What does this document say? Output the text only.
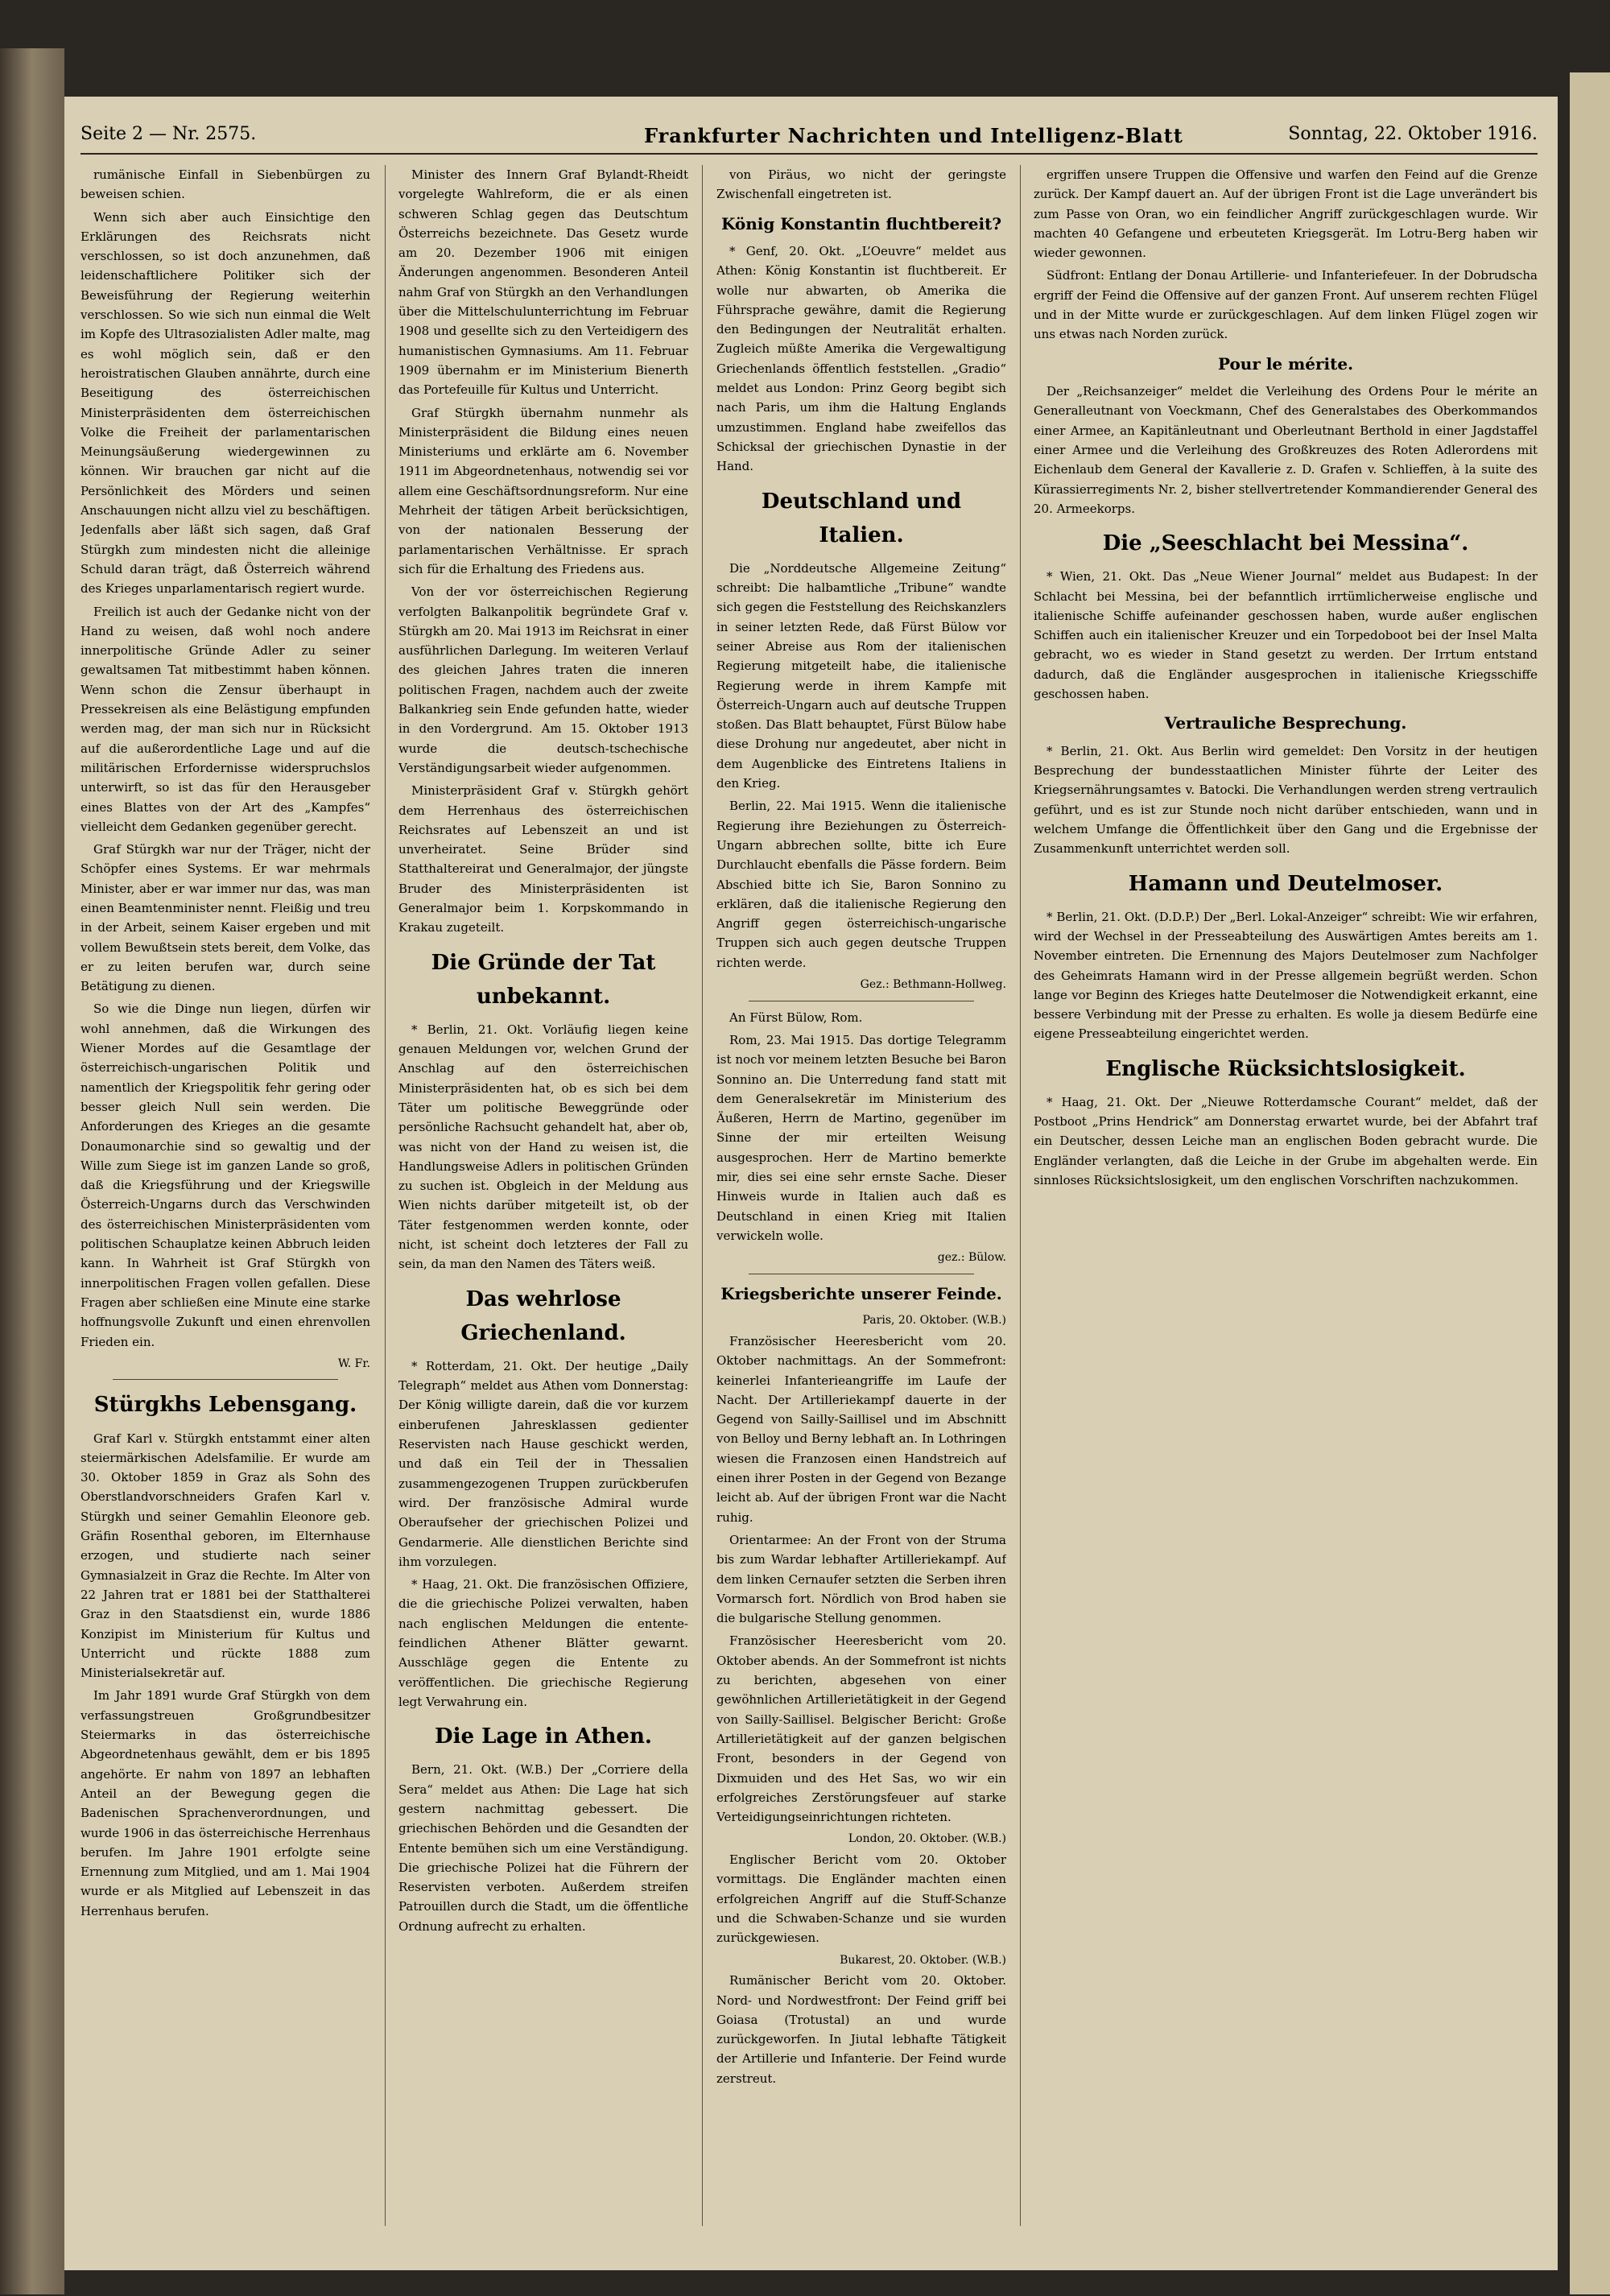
Seite 2 — Nr. 2575.	Frankfurter Nachrichten und Intelligenz-Blatt	Sonntag, 22. Oktober 1916.

rumänische Einfall in Siebenbürgen zu beweisen schien.

Wenn sich aber auch Einsichtige den Erklärungen des Reichsrats nicht verschlossen, so ist doch anzunehmen, daß leidenschaftlichere Politiker sich der Beweisführung der Regierung weiterhin verschlossen. So wie sich nun einmal die Welt im Kopfe des Ultrasozialisten Adler malte, mag es wohl möglich sein, daß er den heroistratischen Glauben annährte, durch eine Beseitigung des österreichischen Ministerpräsidenten dem österreichischen Volke die Freiheit der parlamentarischen Meinungsäußerung wiedergewinnen zu können. Wir brauchen gar nicht auf die Persönlichkeit des Mörders und seinen Anschauungen nicht allzu viel zu beschäftigen. Jedenfalls aber läßt sich sagen, daß Graf Stürgkh zum mindesten nicht die alleinige Schuld daran trägt, daß Österreich während des Krieges unparlamentarisch regiert wurde.

Freilich ist auch der Gedanke nicht von der Hand zu weisen, daß wohl noch andere innerpolitische Gründe Adler zu seiner gewaltsamen Tat mitbestimmt haben können. Wenn schon die Zensur überhaupt in Pressekreisen als eine Belästigung empfunden werden mag, der man sich nur in Rücksicht auf die außerordentliche Lage und auf die militärischen Erfordernisse widerspruchslos unterwirft, so ist das für den Herausgeber eines Blattes von der Art des „Kampfes“ vielleicht dem Gedanken gegenüber gerecht.

Graf Stürgkh war nur der Träger, nicht der Schöpfer eines Systems. Er war mehrmals Minister, aber er war immer nur das, was man einen Beamtenminister nennt. Fleißig und treu in der Arbeit, seinem Kaiser ergeben und mit vollem Bewußtsein stets bereit, dem Volke, das er zu leiten berufen war, durch seine Betätigung zu dienen.

So wie die Dinge nun liegen, dürfen wir wohl annehmen, daß die Wirkungen des Wiener Mordes auf die Gesamtlage der österreichisch-ungarischen Politik und namentlich der Kriegspolitik fehr gering oder besser gleich Null sein werden. Die Anforderungen des Krieges an die gesamte Donaumonarchie sind so gewaltig und der Wille zum Siege ist im ganzen Lande so groß, daß die Kriegsführung und der Kriegswille Österreich-Ungarns durch das Verschwinden des österreichischen Ministerpräsidenten vom politischen Schauplatze keinen Abbruch leiden kann. In Wahrheit ist Graf Stürgkh von innerpolitischen Fragen vollen gefallen. Diese Fragen aber schließen eine Minute eine starke hoffnungsvolle Zukunft und einen ehrenvollen Frieden ein.

W. Fr.
Stürgkhs Lebensgang.

Graf Karl v. Stürgkh entstammt einer alten steiermärkischen Adelsfamilie. Er wurde am 30. Oktober 1859 in Graz als Sohn des Oberstlandvorschneiders Grafen Karl v. Stürgkh und seiner Gemahlin Eleonore geb. Gräfin Rosenthal geboren, im Elternhause erzogen, und studierte nach seiner Gymnasialzeit in Graz die Rechte. Im Alter von 22 Jahren trat er 1881 bei der Statthalterei Graz in den Staatsdienst ein, wurde 1886 Konzipist im Ministerium für Kultus und Unterricht und rückte 1888 zum Ministerialsekretär auf.

Im Jahr 1891 wurde Graf Stürgkh von dem verfassungstreuen Großgrundbesitzer Steiermarks in das österreichische Abgeordnetenhaus gewählt, dem er bis 1895 angehörte. Er nahm von 1897 an lebhaften Anteil an der Bewegung gegen die Badenischen Sprachenverordnungen, und wurde 1906 in das österreichische Herrenhaus berufen. Im Jahre 1901 erfolgte seine Ernennung zum Mitglied, und am 1. Mai 1904 wurde er als Mitglied auf Lebenszeit in das Herrenhaus berufen.

Minister des Innern Graf Bylandt-Rheidt vorgelegte Wahlreform, die er als einen schweren Schlag gegen das Deutschtum Österreichs bezeichnete. Das Gesetz wurde am 20. Dezember 1906 mit einigen Änderungen angenommen. Besonderen Anteil nahm Graf von Stürgkh an den Verhandlungen über die Mittelschulunterrichtung im Februar 1908 und gesellte sich zu den Verteidigern des humanistischen Gymnasiums. Am 11. Februar 1909 übernahm er im Ministerium Bienerth das Portefeuille für Kultus und Unterricht.

Graf Stürgkh übernahm nunmehr als Ministerpräsident die Bildung eines neuen Ministeriums und erklärte am 6. November 1911 im Abgeordnetenhaus, notwendig sei vor allem eine Geschäftsordnungsreform. Nur eine Mehrheit der tätigen Arbeit berücksichtigen, von der nationalen Besserung der parlamentarischen Verhältnisse. Er sprach sich für die Erhaltung des Friedens aus.

Von der vor österreichischen Regierung verfolgten Balkanpolitik begründete Graf v. Stürgkh am 20. Mai 1913 im Reichsrat in einer ausführlichen Darlegung. Im weiteren Verlauf des gleichen Jahres traten die inneren politischen Fragen, nachdem auch der zweite Balkankrieg sein Ende gefunden hatte, wieder in den Vordergrund. Am 15. Oktober 1913 wurde die deutsch-tschechische Verständigungsarbeit wieder aufgenommen.

Ministerpräsident Graf v. Stürgkh gehört dem Herrenhaus des österreichischen Reichsrates auf Lebenszeit an und ist unverheiratet. Seine Brüder sind Statthaltereirat und Generalmajor, der jüngste Bruder des Ministerpräsidenten ist Generalmajor beim 1. Korpskommando in Krakau zugeteilt.

Die Gründe der Tat unbekannt.

* Berlin, 21. Okt. Vorläufig liegen keine genauen Meldungen vor, welchen Grund der Anschlag auf den österreichischen Ministerpräsidenten hat, ob es sich bei dem Täter um politische Beweggründe oder persönliche Rachsucht gehandelt hat, aber ob, was nicht von der Hand zu weisen ist, die Handlungsweise Adlers in politischen Gründen zu suchen ist. Obgleich in der Meldung aus Wien nichts darüber mitgeteilt ist, ob der Täter festgenommen werden konnte, oder nicht, ist scheint doch letzteres der Fall zu sein, da man den Namen des Täters weiß.

Das wehrlose Griechenland.

* Rotterdam, 21. Okt. Der heutige „Daily Telegraph“ meldet aus Athen vom Donnerstag: Der König willigte darein, daß die vor kurzem einberufenen Jahresklassen gedienter Reservisten nach Hause geschickt werden, und daß ein Teil der in Thessalien zusammengezogenen Truppen zurückberufen wird. Der französische Admiral wurde Oberaufseher der griechischen Polizei und Gendarmerie. Alle dienstlichen Berichte sind ihm vorzulegen.

* Haag, 21. Okt. Die französischen Offiziere, die die griechische Polizei verwalten, haben nach englischen Meldungen die entente-feindlichen Athener Blätter gewarnt. Ausschläge gegen die Entente zu veröffentlichen. Die griechische Regierung legt Verwahrung ein.

Die Lage in Athen.

Bern, 21. Okt. (W.B.) Der „Corriere della Sera“ meldet aus Athen: Die Lage hat sich gestern nachmittag gebessert. Die griechischen Behörden und die Gesandten der Entente bemühen sich um eine Verständigung. Die griechische Polizei hat die Führern der Reservisten verboten. Außerdem streifen Patrouillen durch die Stadt, um die öffentliche Ordnung aufrecht zu erhalten.

von Piräus, wo nicht der geringste Zwischenfall eingetreten ist.

König Konstantin fluchtbereit?

* Genf, 20. Okt. „L’Oeuvre“ meldet aus Athen: König Konstantin ist fluchtbereit. Er wolle nur abwarten, ob Amerika die Führsprache gewähre, damit die Regierung den Bedingungen der Neutralität erhalten. Zugleich müßte Amerika die Vergewaltigung Griechenlands öffentlich feststellen. „Gradio“ meldet aus London: Prinz Georg begibt sich nach Paris, um ihm die Haltung Englands umzustimmen. England habe zweifellos das Schicksal der griechischen Dynastie in der Hand.

Deutschland und Italien.

Die „Norddeutsche Allgemeine Zeitung“ schreibt: Die halbamtliche „Tribune“ wandte sich gegen die Feststellung des Reichskanzlers in seiner letzten Rede, daß Fürst Bülow vor seiner Abreise aus Rom der italienischen Regierung mitgeteilt habe, die italienische Regierung werde in ihrem Kampfe mit Österreich-Ungarn auch auf deutsche Truppen stoßen. Das Blatt behauptet, Fürst Bülow habe diese Drohung nur angedeutet, aber nicht in dem Augenblicke des Eintretens Italiens in den Krieg.

Berlin, 22. Mai 1915. Wenn die italienische Regierung ihre Beziehungen zu Österreich-Ungarn abbrechen sollte, bitte ich Eure Durchlaucht ebenfalls die Pässe fordern. Beim Abschied bitte ich Sie, Baron Sonnino zu erklären, daß die italienische Regierung den Angriff gegen österreichisch-ungarische Truppen sich auch gegen deutsche Truppen richten werde.

Gez.: Bethmann-Hollweg.

An Fürst Bülow, Rom.

Rom, 23. Mai 1915. Das dortige Telegramm ist noch vor meinem letzten Besuche bei Baron Sonnino an. Die Unterredung fand statt mit dem Generalsekretär im Ministerium des Äußeren, Herrn de Martino, gegenüber im Sinne der mir erteilten Weisung ausgesprochen. Herr de Martino bemerkte mir, dies sei eine sehr ernste Sache. Dieser Hinweis wurde in Italien auch daß es Deutschland in einen Krieg mit Italien verwickeln wolle.

gez.: Bülow.
Kriegsberichte unserer Feinde.
Paris, 20. Oktober. (W.B.)

Französischer Heeresbericht vom 20. Oktober nachmittags. An der Sommefront: keinerlei Infanterieangriffe im Laufe der Nacht. Der Artilleriekampf dauerte in der Gegend von Sailly-Saillisel und im Abschnitt von Belloy und Berny lebhaft an. In Lothringen wiesen die Franzosen einen Handstreich auf einen ihrer Posten in der Gegend von Bezange leicht ab. Auf der übrigen Front war die Nacht ruhig.

Orientarmee: An der Front von der Struma bis zum Wardar lebhafter Artilleriekampf. Auf dem linken Cernaufer setzten die Serben ihren Vormarsch fort. Nördlich von Brod haben sie die bulgarische Stellung genommen.

Französischer Heeresbericht vom 20. Oktober abends. An der Sommefront ist nichts zu berichten, abgesehen von einer gewöhnlichen Artillerietätigkeit in der Gegend von Sailly-Saillisel. Belgischer Bericht: Große Artillerietätigkeit auf der ganzen belgischen Front, besonders in der Gegend von Dixmuiden und des Het Sas, wo wir ein erfolgreiches Zerstörungsfeuer auf starke Verteidigungseinrichtungen richteten.

London, 20. Oktober. (W.B.)

Englischer Bericht vom 20. Oktober vormittags. Die Engländer machten einen erfolgreichen Angriff auf die Stuff-Schanze und die Schwaben-Schanze und sie wurden zurückgewiesen.

Bukarest, 20. Oktober. (W.B.)

Rumänischer Bericht vom 20. Oktober. Nord- und Nordwestfront: Der Feind griff bei Goiasa (Trotustal) an und wurde zurückgeworfen. In Jiutal lebhafte Tätigkeit der Artillerie und Infanterie. Der Feind wurde zerstreut.

ergriffen unsere Truppen die Offensive und warfen den Feind auf die Grenze zurück. Der Kampf dauert an. Auf der übrigen Front ist die Lage unverändert bis zum Passe von Oran, wo ein feindlicher Angriff zurückgeschlagen wurde. Wir machten 40 Gefangene und erbeuteten Kriegsgerät. Im Lotru-Berg haben wir wieder gewonnen.

Südfront: Entlang der Donau Artillerie- und Infanteriefeuer. In der Dobrudscha ergriff der Feind die Offensive auf der ganzen Front. Auf unserem rechten Flügel und in der Mitte wurde er zurückgeschlagen. Auf dem linken Flügel zogen wir uns etwas nach Norden zurück.

Pour le mérite.

Der „Reichsanzeiger“ meldet die Verleihung des Ordens Pour le mérite an Generalleutnant von Voeckmann, Chef des Generalstabes des Oberkommandos einer Armee, an Kapitänleutnant und Oberleutnant Berthold in einer Jagdstaffel einer Armee und die Verleihung des Großkreuzes des Roten Adlerordens mit Eichenlaub dem General der Kavallerie z. D. Grafen v. Schlieffen, à la suite des Kürassierregiments Nr. 2, bisher stellvertretender Kommandierender General des 20. Armeekorps.

Die „Seeschlacht bei Messina“.

* Wien, 21. Okt. Das „Neue Wiener Journal“ meldet aus Budapest: In der Schlacht bei Messina, bei der befanntlich irrtümlicherweise englische und italienische Schiffe aufeinander geschossen haben, wurde außer englischen Schiffen auch ein italienischer Kreuzer und ein Torpedoboot bei der Insel Malta gebracht, wo es wieder in Stand gesetzt zu werden. Der Irrtum entstand dadurch, daß die Engländer ausgesprochen in italienische Kriegsschiffe geschossen haben.

Vertrauliche Besprechung.

* Berlin, 21. Okt. Aus Berlin wird gemeldet: Den Vorsitz in der heutigen Besprechung der bundesstaatlichen Minister führte der Leiter des Kriegsernährungsamtes v. Batocki. Die Verhandlungen werden streng vertraulich geführt, und es ist zur Stunde noch nicht darüber entschieden, wann und in welchem Umfange die Öffentlichkeit über den Gang und die Ergebnisse der Zusammenkunft unterrichtet werden soll.

Hamann und Deutelmoser.

* Berlin, 21. Okt. (D.D.P.) Der „Berl. Lokal-Anzeiger“ schreibt: Wie wir erfahren, wird der Wechsel in der Presseabteilung des Auswärtigen Amtes bereits am 1. November eintreten. Die Ernennung des Majors Deutelmoser zum Nachfolger des Geheimrats Hamann wird in der Presse allgemein begrüßt werden. Schon lange vor Beginn des Krieges hatte Deutelmoser die Notwendigkeit erkannt, eine bessere Verbindung mit der Presse zu erhalten. Es wolle ja diesem Bedürfe eine eigene Presseabteilung eingerichtet werden.

Englische Rücksichtslosigkeit.

* Haag, 21. Okt. Der „Nieuwe Rotterdamsche Courant“ meldet, daß der Postboot „Prins Hendrick“ am Donnerstag erwartet wurde, bei der Abfahrt traf ein Deutscher, dessen Leiche man an englischen Boden gebracht wurde. Die Engländer verlangten, daß die Leiche in der Grube im abgehalten werde. Ein sinnloses Rücksichtslosigkeit, um den englischen Vorschriften nachzukommen.
